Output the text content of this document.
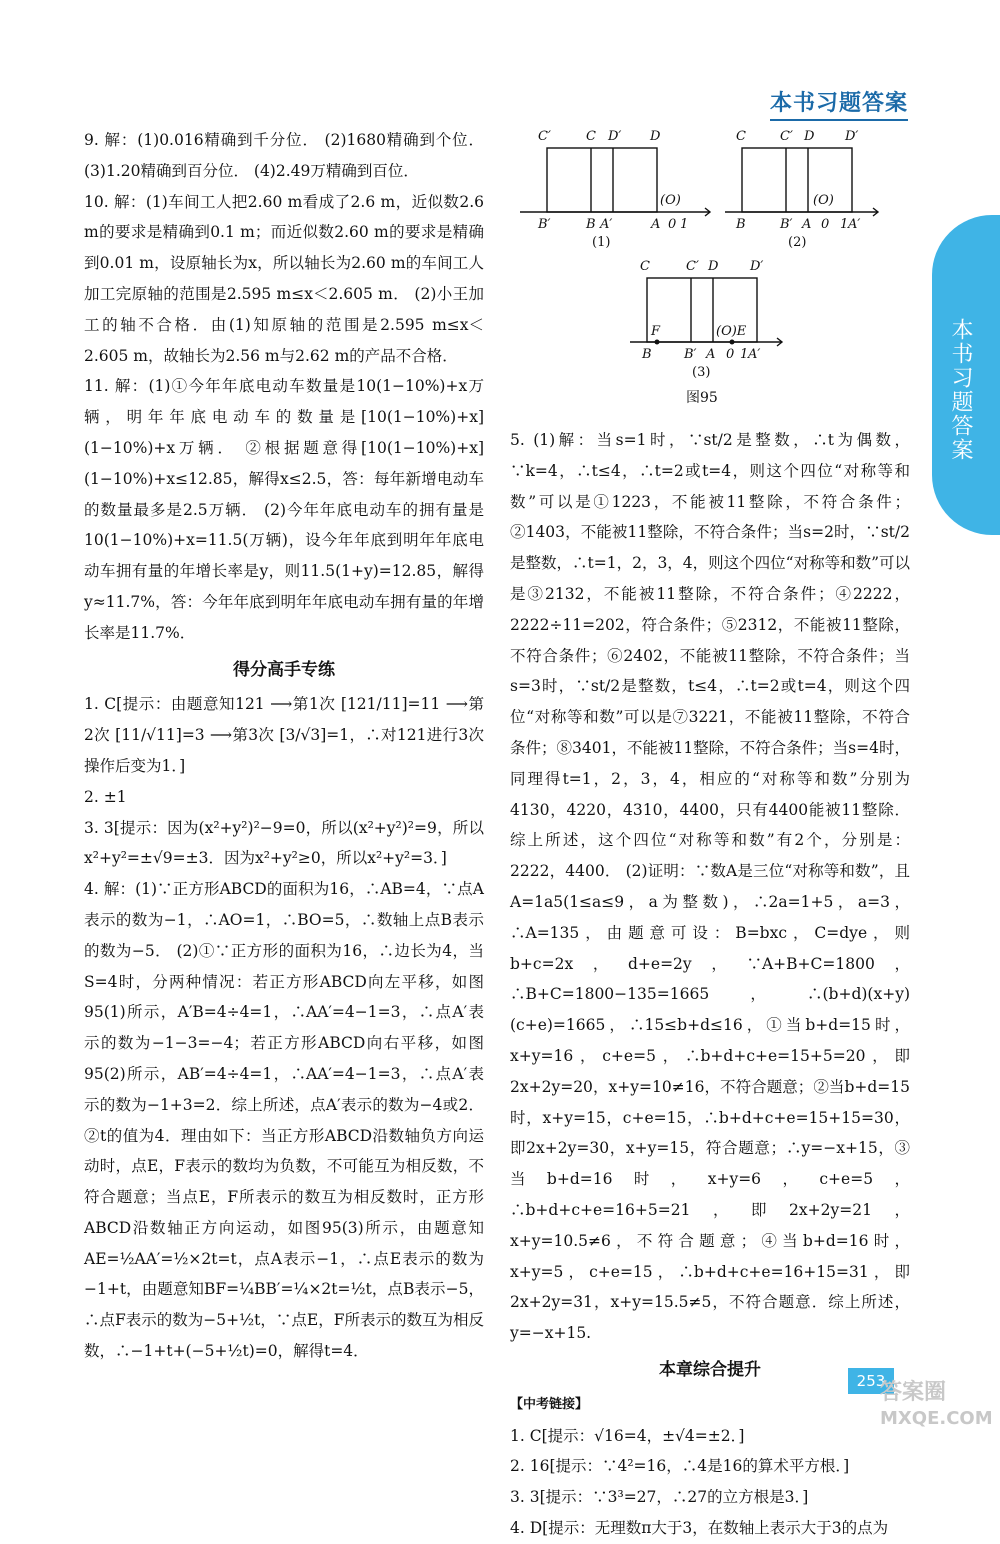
本书习题答案
本书习题答案

9. 解：(1)0.016精确到千分位． (2)1680精确到个位． (3)1.20精确到百分位． (4)2.49万精确到百位．

10. 解：(1)车间工人把2.60 m看成了2.6 m，近似数2.6 m的要求是精确到0.1 m；而近似数2.60 m的要求是精确到0.01 m，设原轴长为x，所以轴长为2.60 m的车间工人加工完原轴的范围是2.595 m≤x＜2.605 m． (2)小王加工的轴不合格．由(1)知原轴的范围是2.595 m≤x＜2.605 m，故轴长为2.56 m与2.62 m的产品不合格．

11. 解：(1)①今年年底电动车数量是10(1−10%)+x万辆，明年年底电动车的数量是[10(1−10%)+x](1−10%)+x万辆． ②根据题意得[10(1−10%)+x](1−10%)+x≤12.85，解得x≤2.5，答：每年新增电动车的数量最多是2.5万辆． (2)今年年底电动车的拥有量是10(1−10%)+x=11.5(万辆)，设今年年底到明年年底电动车拥有量的年增长率是y，则11.5(1+y)=12.85，解得y≈11.7%，答：今年年底到明年年底电动车拥有量的年增长率是11.7%．

得分高手专练

1. C[提示：由题意知121 ⟶第1次 [121/11]=11 ⟶第2次 [11/√11]=3 ⟶第3次 [3/√3]=1，∴对121进行3次操作后变为1．]

2. ±1

3. 3[提示：因为(x²+y²)²−9=0，所以(x²+y²)²=9，所以x²+y²=±√9=±3．因为x²+y²≥0，所以x²+y²=3．]

4. 解：(1)∵正方形ABCD的面积为16，∴AB=4，∵点A表示的数为−1，∴AO=1，∴BO=5，∴数轴上点B表示的数为−5． (2)①∵正方形的面积为16，∴边长为4，当S=4时，分两种情况：若正方形ABCD向左平移，如图95(1)所示，A′B=4÷4=1，∴AA′=4−1=3，∴点A′表示的数为−1−3=−4；若正方形ABCD向右平移，如图95(2)所示，AB′=4÷4=1，∴AA′=4−1=3，∴点A′表示的数为−1+3=2．综上所述，点A′表示的数为−4或2． ②t的值为4．理由如下：当正方形ABCD沿数轴负方向运动时，点E，F表示的数均为负数，不可能互为相反数，不符合题意；当点E，F所表示的数互为相反数时，正方形ABCD沿数轴正方向运动，如图95(3)所示，由题意知AE=½AA′=½×2t=t，点A表示−1，∴点E表示的数为−1+t，由题意知BF=¼BB′=¼×2t=½t，点B表示−5，∴点F表示的数为−5+½t，∵点E，F所表示的数互为相反数，∴−1+t+(−5+½t)=0，解得t=4．

C′	C D′ D
B′	B A′	A 0 1
(O)
(1)
C	C′ D D′
B	B′ A 0 1 A′
(O)
(2)
C	C′ D D′
F	(O)E
B B′ A 0 1 A′
(3)
图95

5. (1)解：当s=1时，∵st/2是整数，∴t为偶数，∵k=4，∴t≤4，∴t=2或t=4，则这个四位“对称等和数”可以是①1223，不能被11整除，不符合条件；②1403，不能被11整除，不符合条件；当s=2时，∵st/2是整数，∴t=1，2，3，4，则这个四位“对称等和数”可以是③2132，不能被11整除，不符合条件；④2222，2222÷11=202，符合条件；⑤2312，不能被11整除，不符合条件；⑥2402，不能被11整除，不符合条件；当s=3时，∵st/2是整数，t≤4，∴t=2或t=4，则这个四位“对称等和数”可以是⑦3221，不能被11整除，不符合条件；⑧3401，不能被11整除，不符合条件；当s=4时，同理得t=1，2，3，4，相应的“对称等和数”分别为4130，4220，4310，4400，只有4400能被11整除．综上所述，这个四位“对称等和数”有2个，分别是：2222，4400． (2)证明：∵数A是三位“对称等和数”，且A=1a5(1≤a≤9，a为整数)，∴2a=1+5，a=3，∴A=135，由题意可设：B=bxc，C=dye，则b+c=2x，d+e=2y，∵A+B+C=1800，∴B+C=1800−135=1665，∴(b+d)(x+y)(c+e)=1665，∴15≤b+d≤16，①当b+d=15时，x+y=16，c+e=5，∴b+d+c+e=15+5=20，即2x+2y=20，x+y=10≠16，不符合题意；②当b+d=15时，x+y=15，c+e=15，∴b+d+c+e=15+15=30，即2x+2y=30，x+y=15，符合题意；∴y=−x+15，③当b+d=16时，x+y=6，c+e=5，∴b+d+c+e=16+5=21，即2x+2y=21，x+y=10.5≠6，不符合题意；④当b+d=16时，x+y=5，c+e=15，∴b+d+c+e=16+15=31，即2x+2y=31，x+y=15.5≠5，不符合题意．综上所述，y=−x+15.

本章综合提升
【中考链接】

1. C[提示：√16=4，±√4=±2．]

2. 16[提示：∵4²=16，∴4是16的算术平方根．]

3. 3[提示：∵3³=27，∴27的立方根是3．]

4. D[提示：无理数π大于3，在数轴上表示大于3的点为

253
答案圈
MXQE.COM
